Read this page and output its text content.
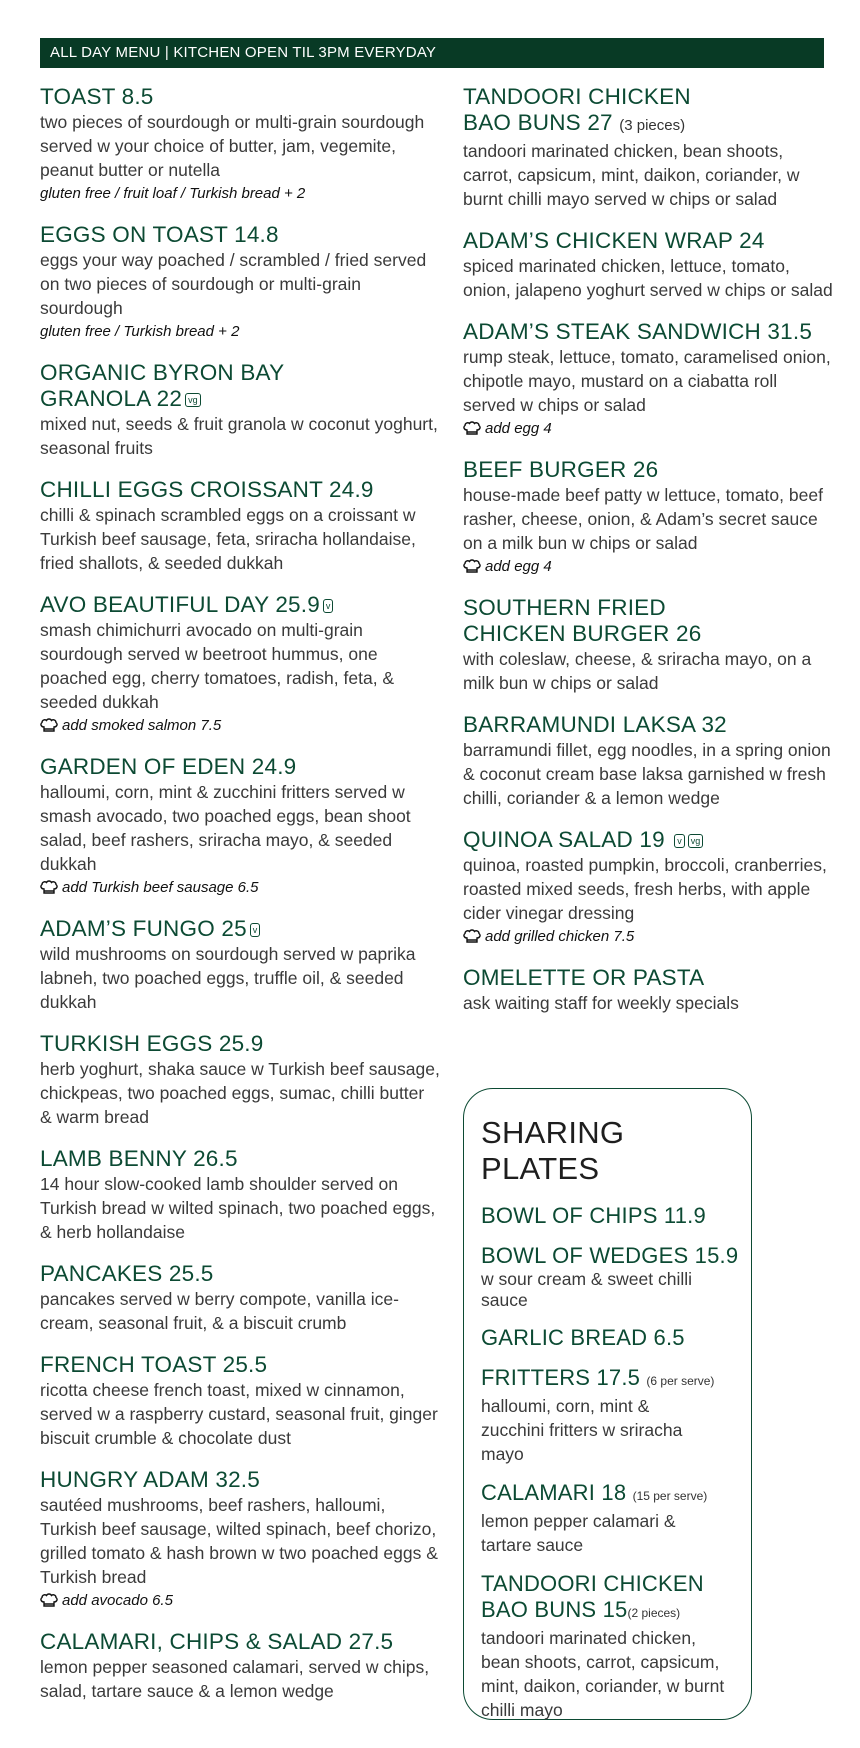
ALL DAY MENU | KITCHEN OPEN TIL 3PM EVERYDAY
TOAST 8.5
two pieces of sourdough or multi-grain sourdough served w your choice of butter, jam, vegemite, peanut butter or nutella
gluten free / fruit loaf / Turkish bread + 2
EGGS ON TOAST 14.8
eggs your way poached / scrambled / fried served on two pieces of sourdough or multi-grain sourdough
gluten free / Turkish bread + 2
ORGANIC BYRON BAY GRANOLA 22 vg
mixed nut, seeds & fruit granola w coconut yoghurt, seasonal fruits
CHILLI EGGS CROISSANT 24.9
chilli & spinach scrambled eggs on a croissant w Turkish beef sausage, feta, sriracha hollandaise, fried shallots, & seeded dukkah
AVO BEAUTIFUL DAY 25.9 v
smash chimichurri avocado on multi-grain sourdough served w beetroot hummus, one poached egg, cherry tomatoes, radish, feta, & seeded dukkah
add smoked salmon 7.5
GARDEN OF EDEN 24.9
halloumi, corn, mint & zucchini fritters served w smash avocado, two poached eggs, bean shoot salad, beef rashers, sriracha mayo, & seeded dukkah
add Turkish beef sausage 6.5
ADAM’S FUNGO 25 v
wild mushrooms on sourdough served w paprika labneh, two poached eggs, truffle oil, & seeded dukkah
TURKISH EGGS 25.9
herb yoghurt, shaka sauce w Turkish beef sausage, chickpeas, two poached eggs, sumac, chilli butter & warm bread
LAMB BENNY 26.5
14 hour slow-cooked lamb shoulder served on Turkish bread w wilted spinach, two poached eggs, & herb hollandaise
PANCAKES 25.5
pancakes served w berry compote, vanilla ice-cream, seasonal fruit, & a biscuit crumb
FRENCH TOAST 25.5
ricotta cheese french toast, mixed w cinnamon, served w a raspberry custard, seasonal fruit, ginger biscuit crumble & chocolate dust
HUNGRY ADAM 32.5
sautéed mushrooms, beef rashers, halloumi, Turkish beef sausage, wilted spinach, beef chorizo, grilled tomato & hash brown w two poached eggs & Turkish bread
add avocado 6.5
CALAMARI, CHIPS & SALAD 27.5
lemon pepper seasoned calamari, served w chips, salad, tartare sauce & a lemon wedge
TANDOORI CHICKEN BAO BUNS 27 (3 pieces)
tandoori marinated chicken, bean shoots, carrot, capsicum, mint, daikon, coriander, w burnt chilli mayo served w chips or salad
ADAM’S CHICKEN WRAP 24
spiced marinated chicken, lettuce, tomato, onion, jalapeno yoghurt served w chips or salad
ADAM’S STEAK SANDWICH 31.5
rump steak, lettuce, tomato, caramelised onion, chipotle mayo, mustard on a ciabatta roll served w chips or salad
add egg 4
BEEF BURGER 26
house-made beef patty w lettuce, tomato, beef rasher, cheese, onion, & Adam’s secret sauce on a milk bun w chips or salad
add egg 4
SOUTHERN FRIED CHICKEN BURGER 26
with coleslaw, cheese, & sriracha mayo, on a milk bun w chips or salad
BARRAMUNDI LAKSA 32
barramundi fillet, egg noodles, in a spring onion & coconut cream base laksa garnished w fresh chilli, coriander & a lemon wedge
QUINOA SALAD 19 v vg
quinoa, roasted pumpkin, broccoli, cranberries, roasted mixed seeds, fresh herbs, with apple cider vinegar dressing
add grilled chicken 7.5
OMELETTE OR PASTA
ask waiting staff for weekly specials
SHARING PLATES
BOWL OF CHIPS 11.9
BOWL OF WEDGES 15.9
w sour cream & sweet chilli sauce
GARLIC BREAD 6.5
FRITTERS 17.5 (6 per serve)
halloumi, corn, mint & zucchini fritters w sriracha mayo
CALAMARI 18 (15 per serve)
lemon pepper calamari & tartare sauce
TANDOORI CHICKEN BAO BUNS 15(2 pieces)
tandoori marinated chicken, bean shoots, carrot, capsicum, mint, daikon, coriander, w burnt chilli mayo
